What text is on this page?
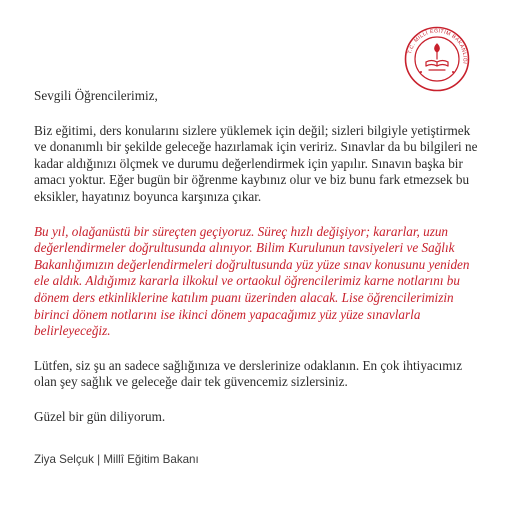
T.C. MİLLÎ EĞİTİM BAKANLIĞI

Sevgili Öğrencilerimiz,

Biz eğitimi, ders konularını sizlere yüklemek için değil; sizleri bilgiyle yetiştirmek ve donanımlı bir şekilde geleceğe hazırlamak için veririz. Sınavlar da bu bilgileri ne kadar aldığınızı ölçmek ve durumu değerlendirmek için yapılır. Sınavın başka bir amacı yoktur. Eğer bugün bir öğrenme kaybınız olur ve biz bunu fark etmezsek bu eksikler, hayatınız boyunca karşınıza çıkar.

Bu yıl, olağanüstü bir süreçten geçiyoruz. Süreç hızlı değişiyor; kararlar, uzun değerlendirmeler doğrultusunda alınıyor. Bilim Kurulunun tavsiyeleri ve Sağlık Bakanlığımızın değerlendirmeleri doğrultusunda yüz yüze sınav konusunu yeniden ele aldık. Aldığımız kararla ilkokul ve ortaokul öğrencilerimiz karne notlarını bu dönem ders etkinliklerine katılım puanı üzerinden alacak. Lise öğrencilerimizin birinci dönem notlarını ise ikinci dönem yapacağımız yüz yüze sınavlarla belirleyeceğiz.

Lütfen, siz şu an sadece sağlığınıza ve derslerinize odaklanın. En çok ihtiyacımız olan şey sağlık ve geleceğe dair tek güvencemiz sizlersiniz.

Güzel bir gün diliyorum.

Ziya Selçuk | Millî Eğitim Bakanı
